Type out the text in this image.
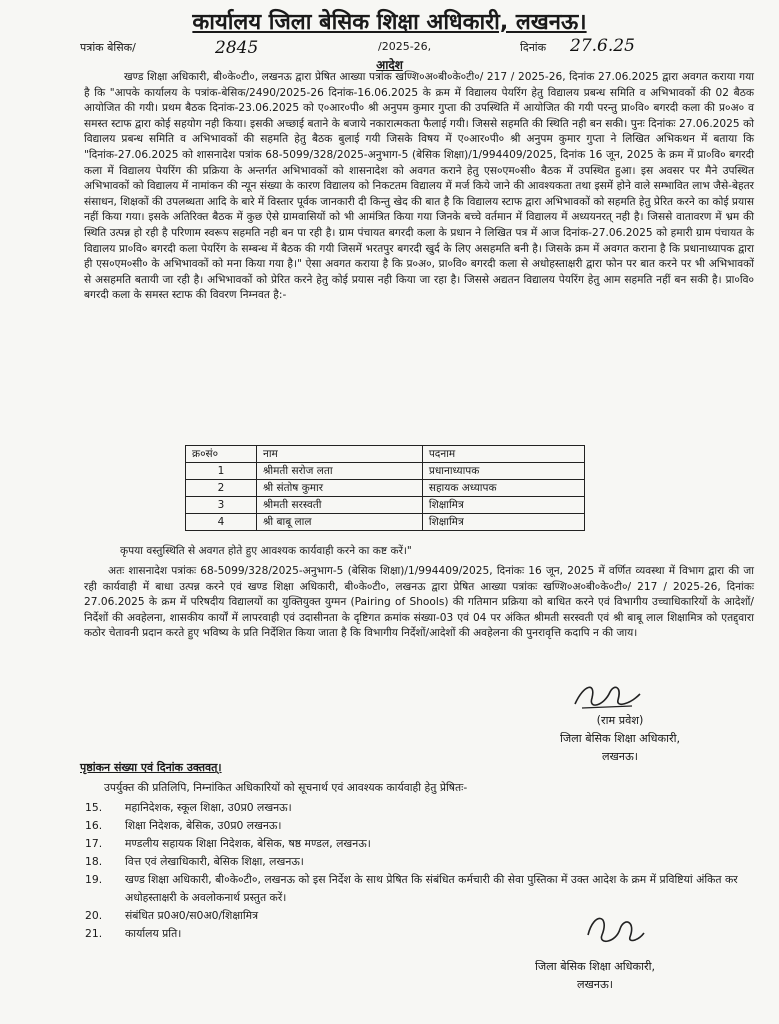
कार्यालय जिला बेसिक शिक्षा अधिकारी, लखनऊ।
पत्रांक बेसिक/	2845	/2025-26,	दिनांक 27.6.25
आदेश

खण्ड शिक्षा अधिकारी, बी०के०टी०, लखनऊ द्वारा प्रेषित आख्या पत्रांक खण्शि०अ०बी०के०टी०/ 217 / 2025-26, दिनांक 27.06.2025 द्वारा अवगत कराया गया है कि "आपके कार्यालय के पत्रांक-बेसिक/2490/2025-26 दिनांक-16.06.2025 के क्रम में विद्यालय पेयरिंग हेतु विद्यालय प्रबन्ध समिति व अभिभावकों की 02 बैठक आयोजित की गयी। प्रथम बैठक दिनांक-23.06.2025 को ए०आर०पी० श्री अनुपम कुमार गुप्ता की उपस्थिति में आयोजित की गयी परन्तु प्रा०वि० बगरदी कला की प्र०अ० व समस्त स्टाफ द्वारा कोई सहयोग नही किया। इसकी अच्छाई बताने के बजाये नकारात्मकता फैलाई गयी। जिससे सहमति की स्थिति नही बन सकी। पुनः दिनांकः 27.06.2025 को विद्यालय प्रबन्ध समिति व अभिभावकों की सहमति हेतु बैठक बुलाई गयी जिसके विषय में ए०आर०पी० श्री अनुपम कुमार गुप्ता ने लिखित अभिकथन में बताया कि "दिनांक-27.06.2025 को शासनादेश पत्रांक 68-5099/328/2025-अनुभाग-5 (बेसिक शिक्षा)/1/994409/2025, दिनांक 16 जून, 2025 के क्रम में प्रा०वि० बगरदी कला में विद्यालय पेयरिंग की प्रक्रिया के अन्तर्गत अभिभावकों को शासनादेश को अवगत कराने हेतु एस०एम०सी० बैठक में उपस्थित हुआ। इस अवसर पर मैने उपस्थित अभिभावकों को विद्यालय में नामांकन की न्यून संख्या के कारण विद्यालय को निकटतम विद्यालय में मर्ज किये जाने की आवश्यकता तथा इसमें होने वाले सम्भावित लाभ जैसे-बेहतर संसाधन, शिक्षकों की उपलब्धता आदि के बारे में विस्तार पूर्वक जानकारी दी किन्तु खेद की बात है कि विद्यालय स्टाफ द्वारा अभिभावकों को सहमति हेतु प्रेरित करने का कोई प्रयास नहीं किया गया। इसके अतिरिक्त बैठक में कुछ ऐसे ग्रामवासियों को भी आमंत्रित किया गया जिनके बच्चे वर्तमान में विद्यालय में अध्ययनरत् नही है। जिससे वातावरण में भ्रम की स्थिति उत्पन्न हो रही है परिणाम स्वरूप सहमति नही बन पा रही है। ग्राम पंचायत बगरदी कला के प्रधान ने लिखित पत्र में आज दिनांक-27.06.2025 को हमारी ग्राम पंचायत के विद्यालय प्रा०वि० बगरदी कला पेयरिंग के सम्बन्ध में बैठक की गयी जिसमें भरतपुर बगरदी खुर्द के लिए असहमति बनी है। जिसके क्रम में अवगत कराना है कि प्रधानाध्यापक द्वारा ही एस०एम०सी० के अभिभावकों को मना किया गया है।" ऐसा अवगत कराया है कि प्र०अ०, प्रा०वि० बगरदी कला से अधोहस्ताक्षरी द्वारा फोन पर बात करने पर भी अभिभावकों से असहमति बतायी जा रही है। अभिभावकों को प्रेरित करने हेतु कोई प्रयास नही किया जा रहा है। जिससे अद्यतन विद्यालय पेयरिंग हेतु आम सहमति नहीं बन सकी है। प्रा०वि० बगरदी कला के समस्त स्टाफ की विवरण निम्नवत है:-

क्र०सं०	नाम	पदनाम
1	श्रीमती सरोज लता	प्रधानाध्यापक
2	श्री संतोष कुमार	सहायक अध्यापक
3	श्रीमती सरस्वती	शिक्षामित्र
4	श्री बाबू लाल	शिक्षामित्र

कृपया वस्तुस्थिति से अवगत होते हुए आवश्यक कार्यवाही करने का कष्ट करें।"

अतः शासनादेश पत्रांकः 68-5099/328/2025-अनुभाग-5 (बेसिक शिक्षा)/1/994409/2025, दिनांकः 16 जून, 2025 में वर्णित व्यवस्था में विभाग द्वारा की जा रही कार्यवाही में बाधा उत्पन्न करने एवं खण्ड शिक्षा अधिकारी, बी०के०टी०, लखनऊ द्वारा प्रेषित आख्या पत्रांकः खण्शि०अ०बी०के०टी०/ 217 / 2025-26, दिनांकः 27.06.2025 के क्रम में परिषदीय विद्यालयों का युक्तियुक्त युग्मन (Pairing of Shools) की गतिमान प्रक्रिया को बाधित करने एवं विभागीय उच्चाधिकारियों के आदेशों/निर्देशों की अवहेलना, शासकीय कार्यों में लापरवाही एवं उदासीनता के दृष्टिगत क्रमांक संख्या-03 एवं 04 पर अंकित श्रीमती सरस्वती एवं श्री बाबू लाल शिक्षामित्र को एतद्द्वारा कठोर चेतावनी प्रदान करते हुए भविष्य के प्रति निर्देशित किया जाता है कि विभागीय निर्देशों/आदेशों की अवहेलना की पुनरावृत्ति कदापि न की जाय।

(राम प्रवेश)
जिला बेसिक शिक्षा अधिकारी,
लखनऊ।
पृष्ठांकन संख्या एवं दिनांक उक्तवत्।
उपर्युक्त की प्रतिलिपि, निम्नांकित अधिकारियों को सूचनार्थ एवं आवश्यक कार्यवाही हेतु प्रेषितः-
15. महानिदेशक, स्कूल शिक्षा, उ0प्र0 लखनऊ।
16. शिक्षा निदेशक, बेसिक, उ0प्र0 लखनऊ।
17. मण्डलीय सहायक शिक्षा निदेशक, बेसिक, षष्ठ मण्डल, लखनऊ।
18. वित्त एवं लेखाधिकारी, बेसिक शिक्षा, लखनऊ।
19. खण्ड शिक्षा अधिकारी, बी०के०टी०, लखनऊ को इस निर्देश के साथ प्रेषित कि संबंधित कर्मचारी की सेवा पुस्तिका में उक्त आदेश के क्रम में प्रविष्टियां अंकित कर अधोहस्ताक्षरी के अवलोकनार्थ प्रस्तुत करें।
20. संबंधित प्र0अ0/स0अ0/शिक्षामित्र
21. कार्यालय प्रति।
जिला बेसिक शिक्षा अधिकारी,
लखनऊ।
